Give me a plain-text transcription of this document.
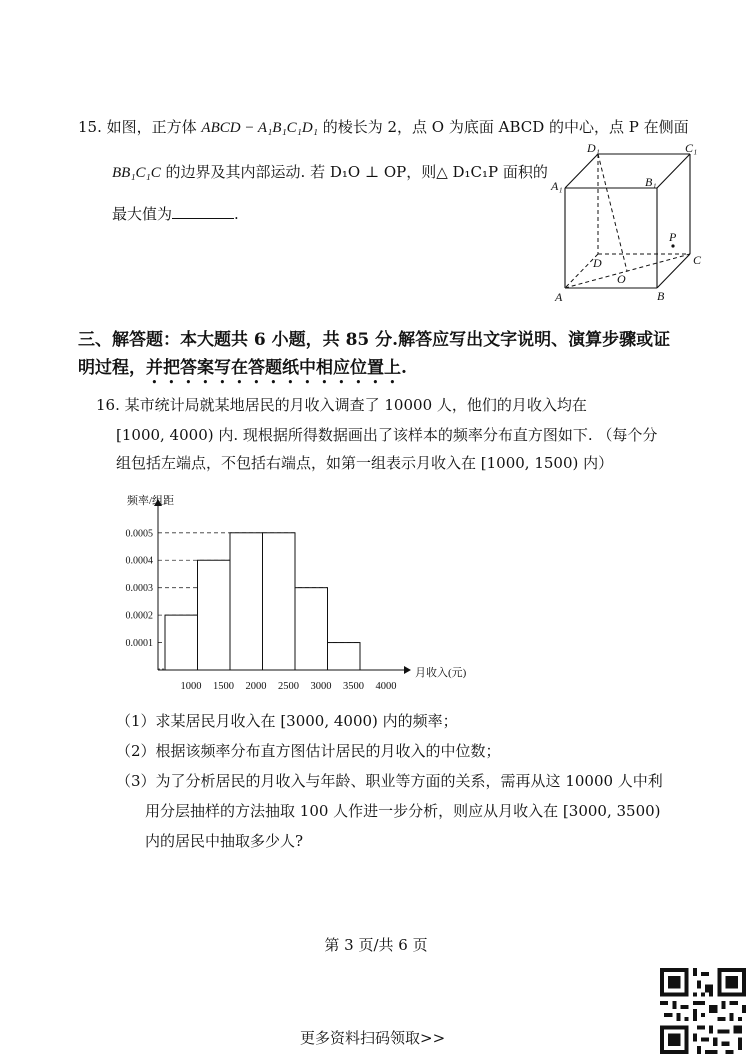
15. 如图，正方体 ABCD − A₁B₁C₁D₁ 的棱长为 2，点 O 为底面 ABCD 的中心，点 P 在侧面
BB₁C₁C 的边界及其内部运动. 若 D₁O ⊥ OP，则△ D₁C₁P 面积的
最大值为	.
D₁	C₁
A₁	B₁
P
D
O
C
A	B
三、解答题：本大题共 6 小题，共 85 分.解答应写出文字说明、演算步骤或证
明过程，并把答案写在答题纸中相应位置上.
16. 某市统计局就某地居民的月收入调查了 10000 人，他们的月收入均在
[1000, 4000) 内. 现根据所得数据画出了该样本的频率分布直方图如下. （每个分
组包括左端点，不包括右端点，如第一组表示月收入在 [1000, 1500) 内）
频率/组距
月收入(元)
0.0001
0.0002
0.0003
0.0004
0.0005
1000 1500 2000 2500 3000 3500 4000
（1）求某居民月收入在 [3000, 4000) 内的频率；
（2）根据该频率分布直方图估计居民的月收入的中位数；
（3）为了分析居民的月收入与年龄、职业等方面的关系，需再从这 10000 人中利
用分层抽样的方法抽取 100 人作进一步分析，则应从月收入在 [3000, 3500)
内的居民中抽取多少人?
第 3 页/共 6 页
更多资料扫码领取>>
